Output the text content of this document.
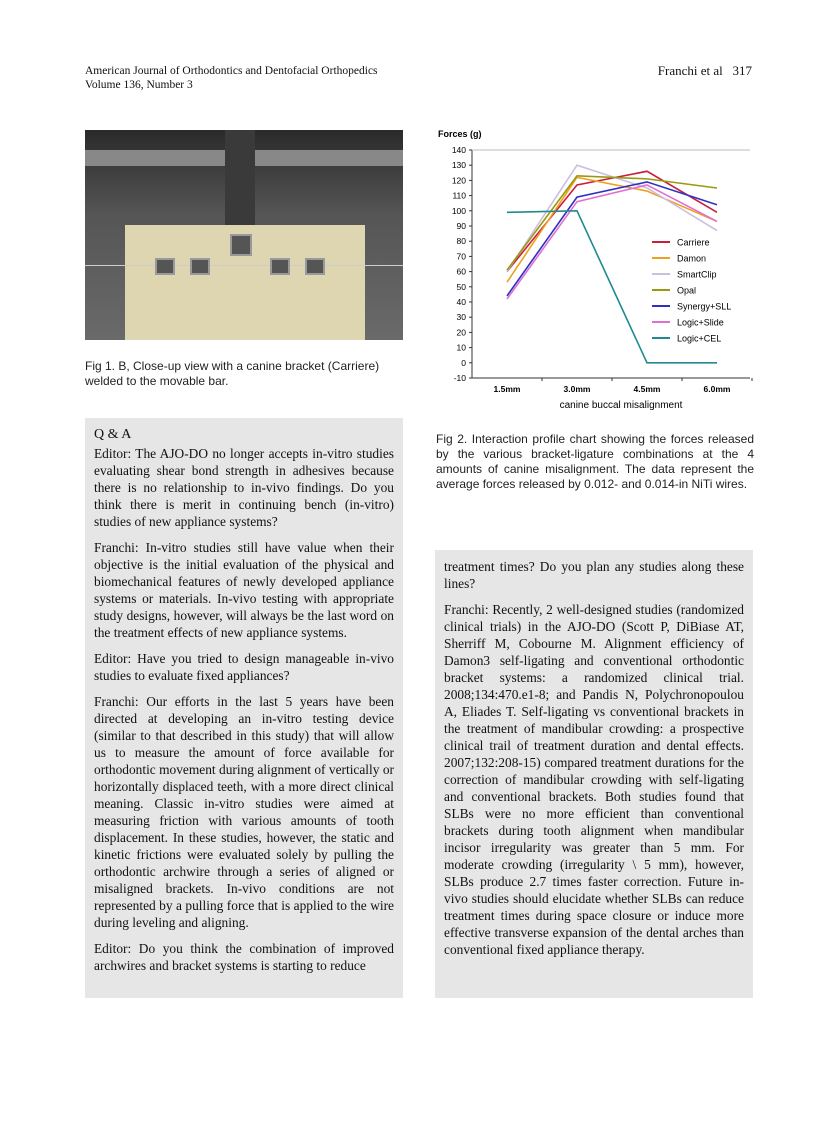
American Journal of Orthodontics and Dentofacial Orthopedics
Volume 136, Number 3
Franchi et al 317
Fig 1. B, Close-up view with a canine bracket (Carriere) welded to the movable bar.
Forces (g)
140
130
120
110
100
90
80
70
60
50
40
30
20
10
0
-10
1.5mm	3.0mm	4.5mm	6.0mm
canine buccal misalignment
Carriere
Damon
SmartClip
Opal
Synergy+SLL
Logic+Slide
Logic+CEL
Fig 2. Interaction profile chart showing the forces released by the various bracket-ligature combinations at the 4 amounts of canine misalignment. The data represent the average forces released by 0.012- and 0.014-in NiTi wires.

Q & A

Editor: The AJO-DO no longer accepts in-vitro studies evaluating shear bond strength in adhesives because there is no relationship to in-vivo findings. Do you think there is merit in continuing bench (in-vitro) studies of new appliance systems?

Franchi: In-vitro studies still have value when their objective is the initial evaluation of the physical and biomechanical features of newly developed appliance systems or materials. In-vivo testing with appropriate study designs, however, will always be the last word on the treatment effects of new appliance systems.

Editor: Have you tried to design manageable in-vivo studies to evaluate fixed appliances?

Franchi: Our efforts in the last 5 years have been directed at developing an in-vitro testing device (similar to that described in this study) that will allow us to measure the amount of force available for orthodontic movement during alignment of vertically or horizontally displaced teeth, with a more direct clinical meaning. Classic in-vitro studies were aimed at measuring friction with various amounts of tooth displacement. In these studies, however, the static and kinetic frictions were evaluated solely by pulling the orthodontic archwire through a series of aligned or misaligned brackets. In-vivo conditions are not represented by a pulling force that is applied to the wire during leveling and aligning.

Editor: Do you think the combination of improved archwires and bracket systems is starting to reduce

treatment times? Do you plan any studies along these lines?

Franchi: Recently, 2 well-designed studies (randomized clinical trials) in the AJO-DO (Scott P, DiBiase AT, Sherriff M, Cobourne M. Alignment efficiency of Damon3 self-ligating and conventional orthodontic bracket systems: a randomized clinical trial. 2008;134:470.e1-8; and Pandis N, Polychronopoulou A, Eliades T. Self-ligating vs conventional brackets in the treatment of mandibular crowding: a prospective clinical trail of treatment duration and dental effects. 2007;132:208-15) compared treatment durations for the correction of mandibular crowding with self-ligating and conventional brackets. Both studies found that SLBs were no more efficient than conventional brackets during tooth alignment when mandibular incisor irregularity was greater than 5 mm. For moderate crowding (irregularity \ 5 mm), however, SLBs produce 2.7 times faster correction. Future in-vivo studies should elucidate whether SLBs can reduce treatment times during space closure or induce more effective transverse expansion of the dental arches than conventional fixed appliance therapy.
